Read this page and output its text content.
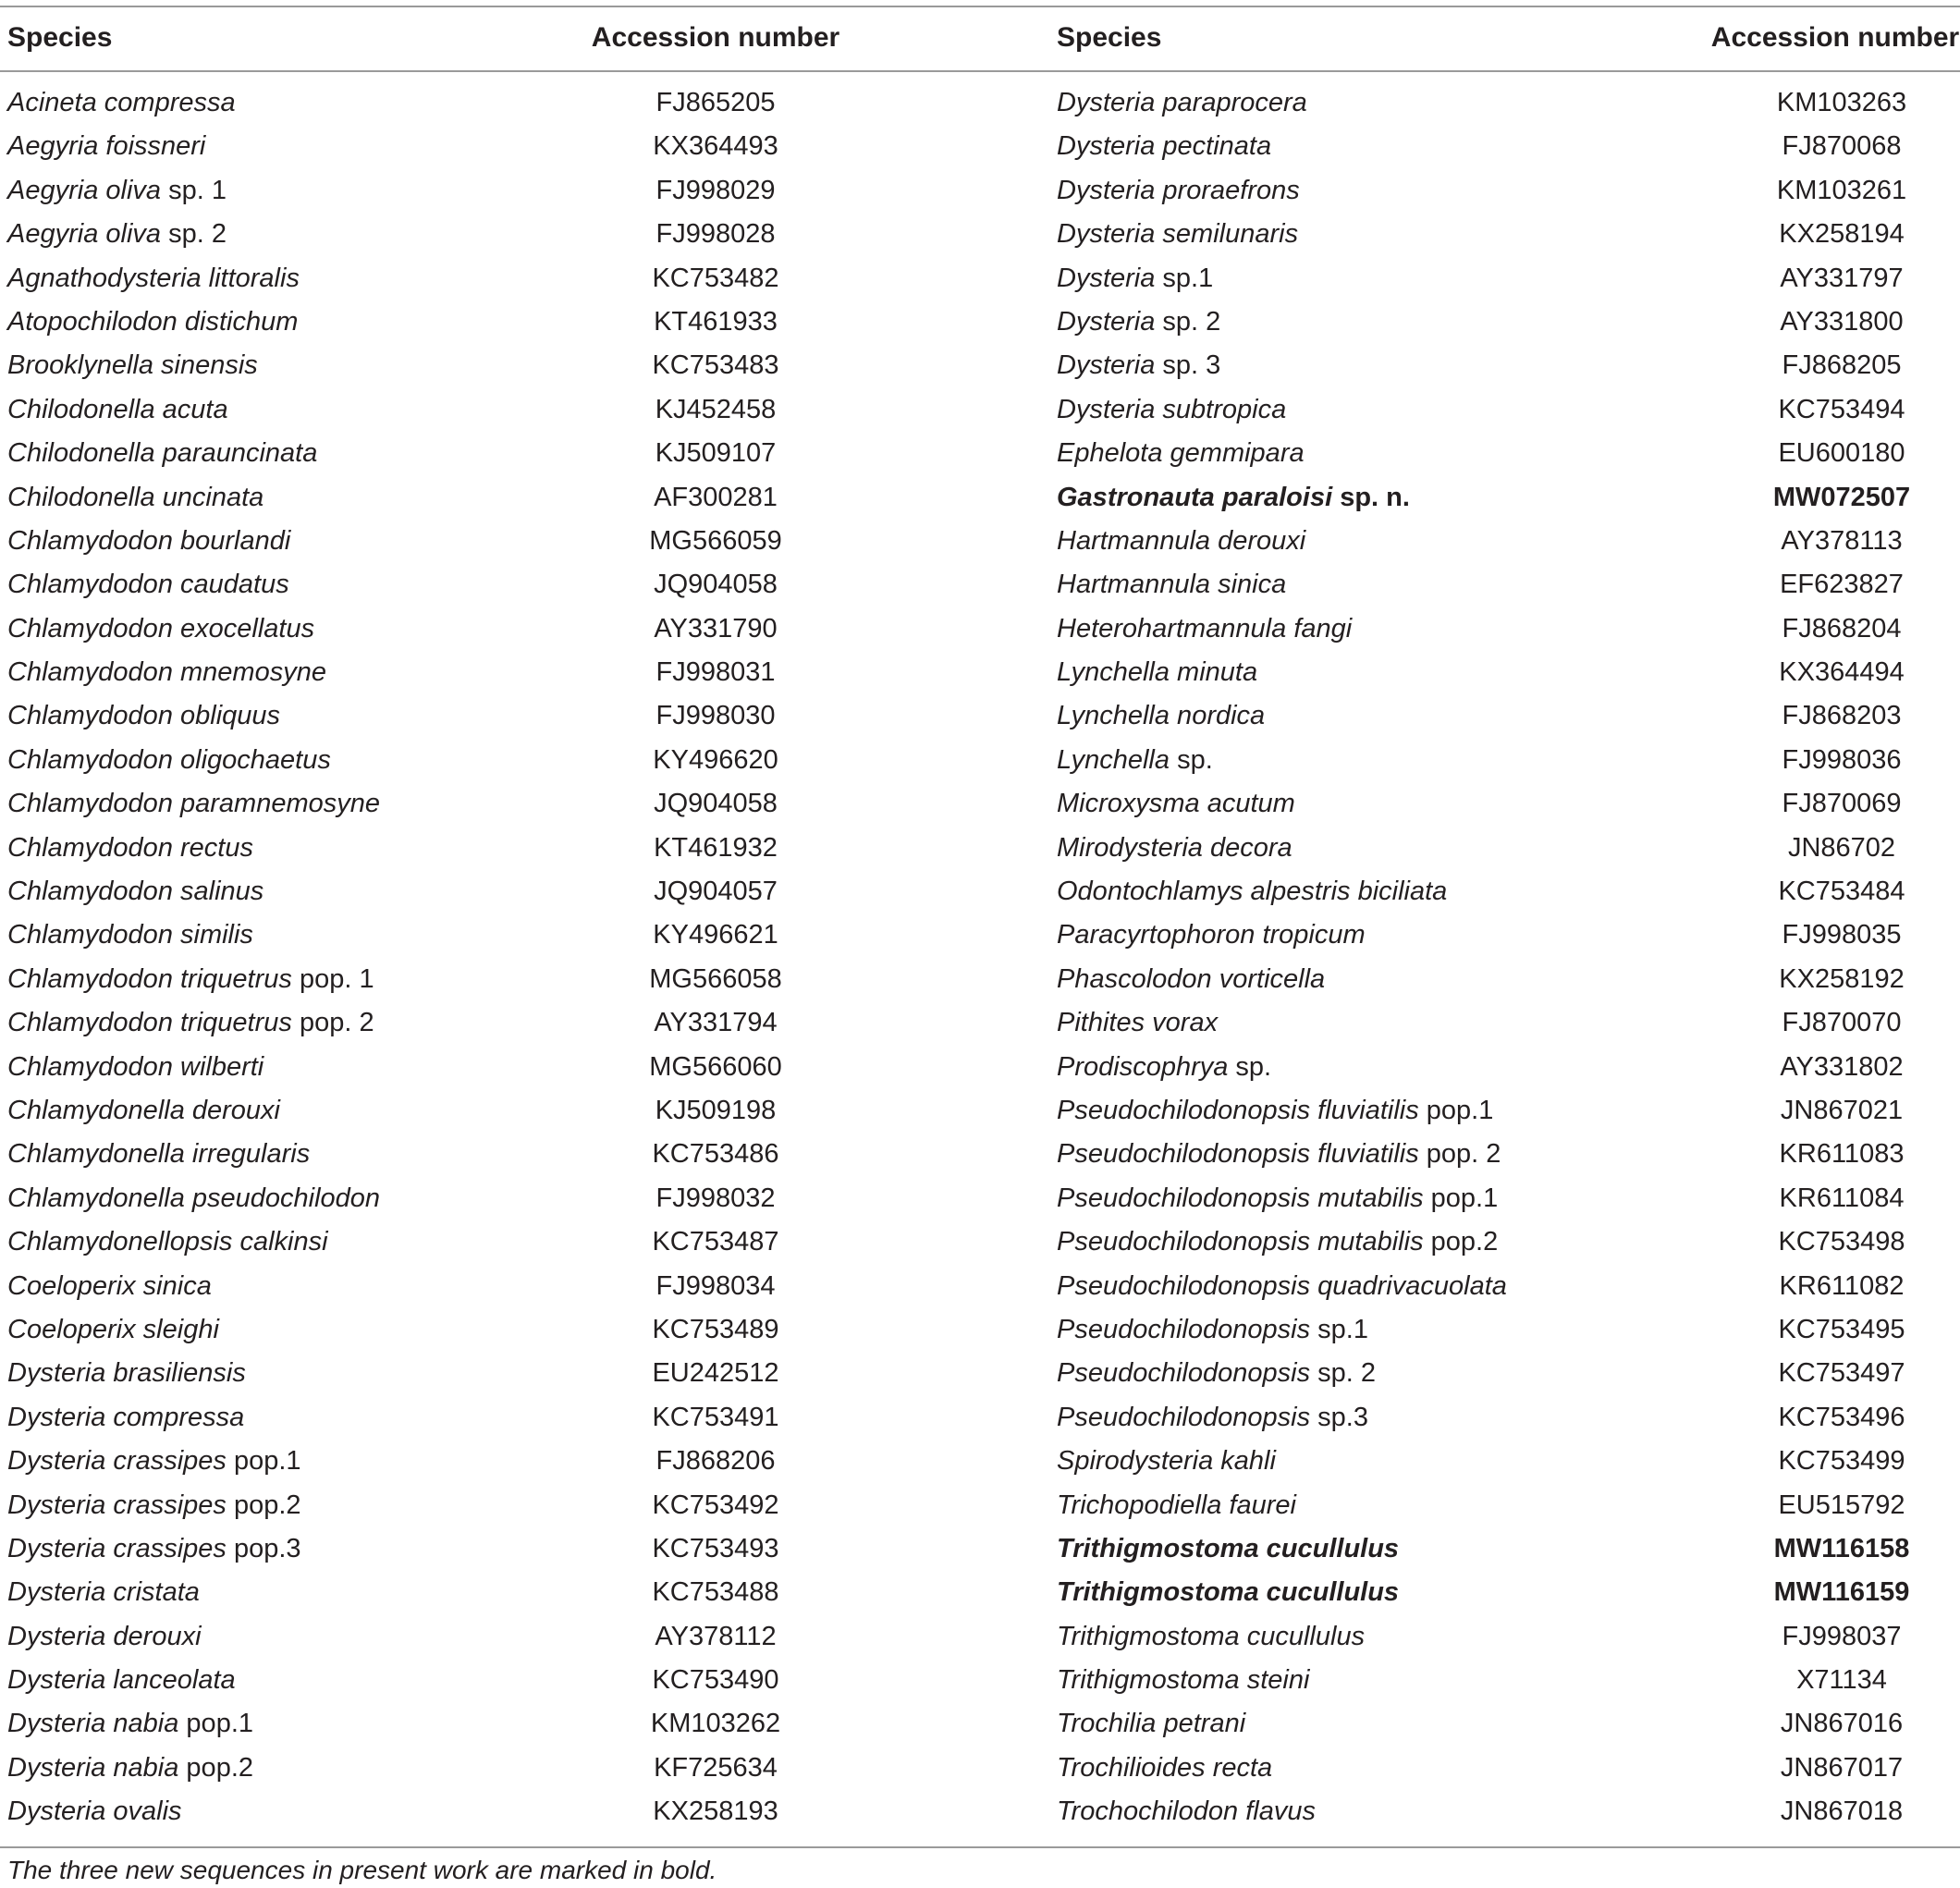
Species	Accession number	Species	Accession number
Acineta compressa	FJ865205	Dysteria paraprocera	KM103263
Aegyria foissneri	KX364493	Dysteria pectinata	FJ870068
Aegyria oliva sp. 1	FJ998029	Dysteria proraefrons	KM103261
Aegyria oliva sp. 2	FJ998028	Dysteria semilunaris	KX258194
Agnathodysteria littoralis	KC753482	Dysteria sp.1	AY331797
Atopochilodon distichum	KT461933	Dysteria sp. 2	AY331800
Brooklynella sinensis	KC753483	Dysteria sp. 3	FJ868205
Chilodonella acuta	KJ452458	Dysteria subtropica	KC753494
Chilodonella parauncinata	KJ509107	Ephelota gemmipara	EU600180
Chilodonella uncinata	AF300281	Gastronauta paraloisi sp. n.	MW072507
Chlamydodon bourlandi	MG566059	Hartmannula derouxi	AY378113
Chlamydodon caudatus	JQ904058	Hartmannula sinica	EF623827
Chlamydodon exocellatus	AY331790	Heterohartmannula fangi	FJ868204
Chlamydodon mnemosyne	FJ998031	Lynchella minuta	KX364494
Chlamydodon obliquus	FJ998030	Lynchella nordica	FJ868203
Chlamydodon oligochaetus	KY496620	Lynchella sp.	FJ998036
Chlamydodon paramnemosyne	JQ904058	Microxysma acutum	FJ870069
Chlamydodon rectus	KT461932	Mirodysteria decora	JN86702
Chlamydodon salinus	JQ904057	Odontochlamys alpestris biciliata	KC753484
Chlamydodon similis	KY496621	Paracyrtophoron tropicum	FJ998035
Chlamydodon triquetrus pop. 1	MG566058	Phascolodon vorticella	KX258192
Chlamydodon triquetrus pop. 2	AY331794	Pithites vorax	FJ870070
Chlamydodon wilberti	MG566060	Prodiscophrya sp.	AY331802
Chlamydonella derouxi	KJ509198	Pseudochilodonopsis fluviatilis pop.1	JN867021
Chlamydonella irregularis	KC753486	Pseudochilodonopsis fluviatilis pop. 2	KR611083
Chlamydonella pseudochilodon	FJ998032	Pseudochilodonopsis mutabilis pop.1	KR611084
Chlamydonellopsis calkinsi	KC753487	Pseudochilodonopsis mutabilis pop.2	KC753498
Coeloperix sinica	FJ998034	Pseudochilodonopsis quadrivacuolata	KR611082
Coeloperix sleighi	KC753489	Pseudochilodonopsis sp.1	KC753495
Dysteria brasiliensis	EU242512	Pseudochilodonopsis sp. 2	KC753497
Dysteria compressa	KC753491	Pseudochilodonopsis sp.3	KC753496
Dysteria crassipes pop.1	FJ868206	Spirodysteria kahli	KC753499
Dysteria crassipes pop.2	KC753492	Trichopodiella faurei	EU515792
Dysteria crassipes pop.3	KC753493	Trithigmostoma cucullulus	MW116158
Dysteria cristata	KC753488	Trithigmostoma cucullulus	MW116159
Dysteria derouxi	AY378112	Trithigmostoma cucullulus	FJ998037
Dysteria lanceolata	KC753490	Trithigmostoma steini	X71134
Dysteria nabia pop.1	KM103262	Trochilia petrani	JN867016
Dysteria nabia pop.2	KF725634	Trochilioides recta	JN867017
Dysteria ovalis	KX258193	Trochochilodon flavus	JN867018
The three new sequences in present work are marked in bold.
